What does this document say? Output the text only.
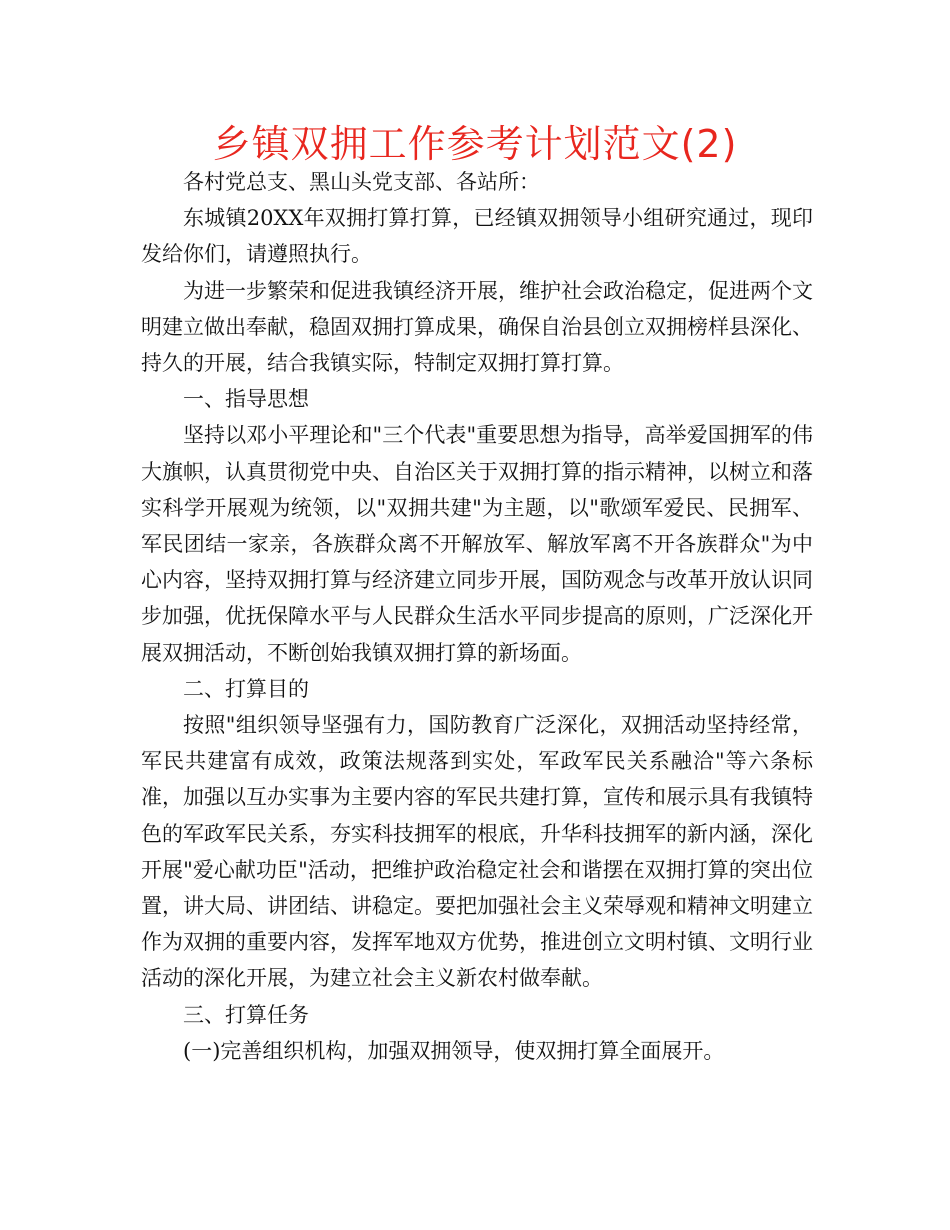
乡镇双拥工作参考计划范文(2)

各村党总支、黑山头党支部、各站所：

东城镇20XX年双拥打算打算，已经镇双拥领导小组研究通过，现印发给你们，请遵照执行。

为进一步繁荣和促进我镇经济开展，维护社会政治稳定，促进两个文明建立做出奉献，稳固双拥打算成果，确保自治县创立双拥榜样县深化、持久的开展，结合我镇实际，特制定双拥打算打算。

一、指导思想

坚持以邓小平理论和"三个代表"重要思想为指导，高举爱国拥军的伟大旗帜，认真贯彻党中央、自治区关于双拥打算的指示精神，以树立和落实科学开展观为统领，以"双拥共建"为主题，以"歌颂军爱民、民拥军、军民团结一家亲，各族群众离不开解放军、解放军离不开各族群众"为中心内容，坚持双拥打算与经济建立同步开展，国防观念与改革开放认识同步加强，优抚保障水平与人民群众生活水平同步提高的原则，广泛深化开展双拥活动，不断创始我镇双拥打算的新场面。

二、打算目的

按照"组织领导坚强有力，国防教育广泛深化，双拥活动坚持经常，军民共建富有成效，政策法规落到实处，军政军民关系融洽"等六条标准，加强以互办实事为主要内容的军民共建打算，宣传和展示具有我镇特色的军政军民关系，夯实科技拥军的根底，升华科技拥军的新内涵，深化开展"爱心献功臣"活动，把维护政治稳定社会和谐摆在双拥打算的突出位置，讲大局、讲团结、讲稳定。要把加强社会主义荣辱观和精神文明建立作为双拥的重要内容，发挥军地双方优势，推进创立文明村镇、文明行业活动的深化开展，为建立社会主义新农村做奉献。

三、打算任务

(一)完善组织机构，加强双拥领导，使双拥打算全面展开。
